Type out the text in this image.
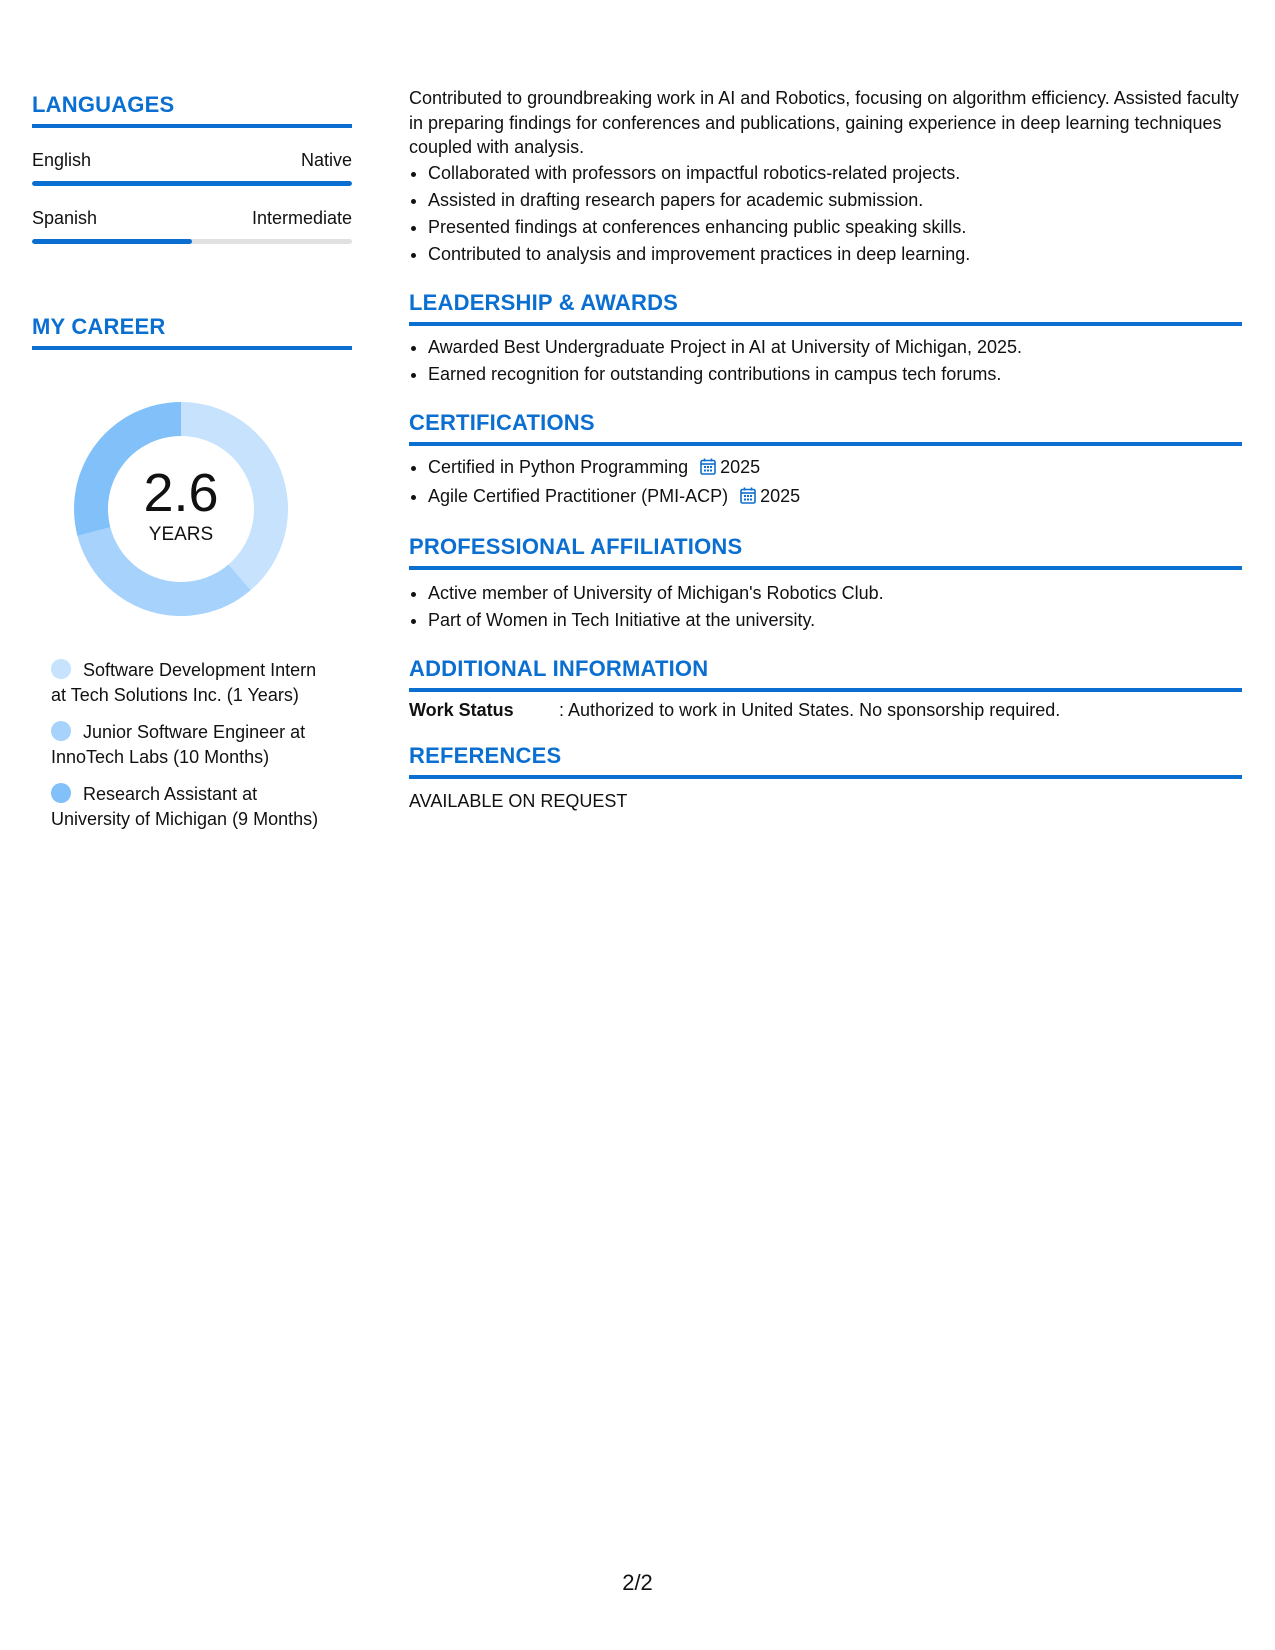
LANGUAGES
English	Native
Spanish	Intermediate
MY CAREER
2.6
YEARS
Software Development Intern at Tech Solutions Inc. (1 Years)
Junior Software Engineer at InnoTech Labs (10 Months)
Research Assistant at University of Michigan (9 Months)

Contributed to groundbreaking work in AI and Robotics, focusing on algorithm efficiency. Assisted faculty in preparing findings for conferences and publications, gaining experience in deep learning techniques coupled with analysis.

• Collaborated with professors on impactful robotics-related projects.
• Assisted in drafting research papers for academic submission.
• Presented findings at conferences enhancing public speaking skills.
• Contributed to analysis and improvement practices in deep learning.
LEADERSHIP & AWARDS
• Awarded Best Undergraduate Project in AI at University of Michigan, 2025.
• Earned recognition for outstanding contributions in campus tech forums.
CERTIFICATIONS
• Certified in Python Programming 2025
• Agile Certified Practitioner (PMI-ACP) 2025
PROFESSIONAL AFFILIATIONS
• Active member of University of Michigan's Robotics Club.
• Part of Women in Tech Initiative at the university.
ADDITIONAL INFORMATION
Work Status	: Authorized to work in United States. No sponsorship required.
REFERENCES
AVAILABLE ON REQUEST
2/2
